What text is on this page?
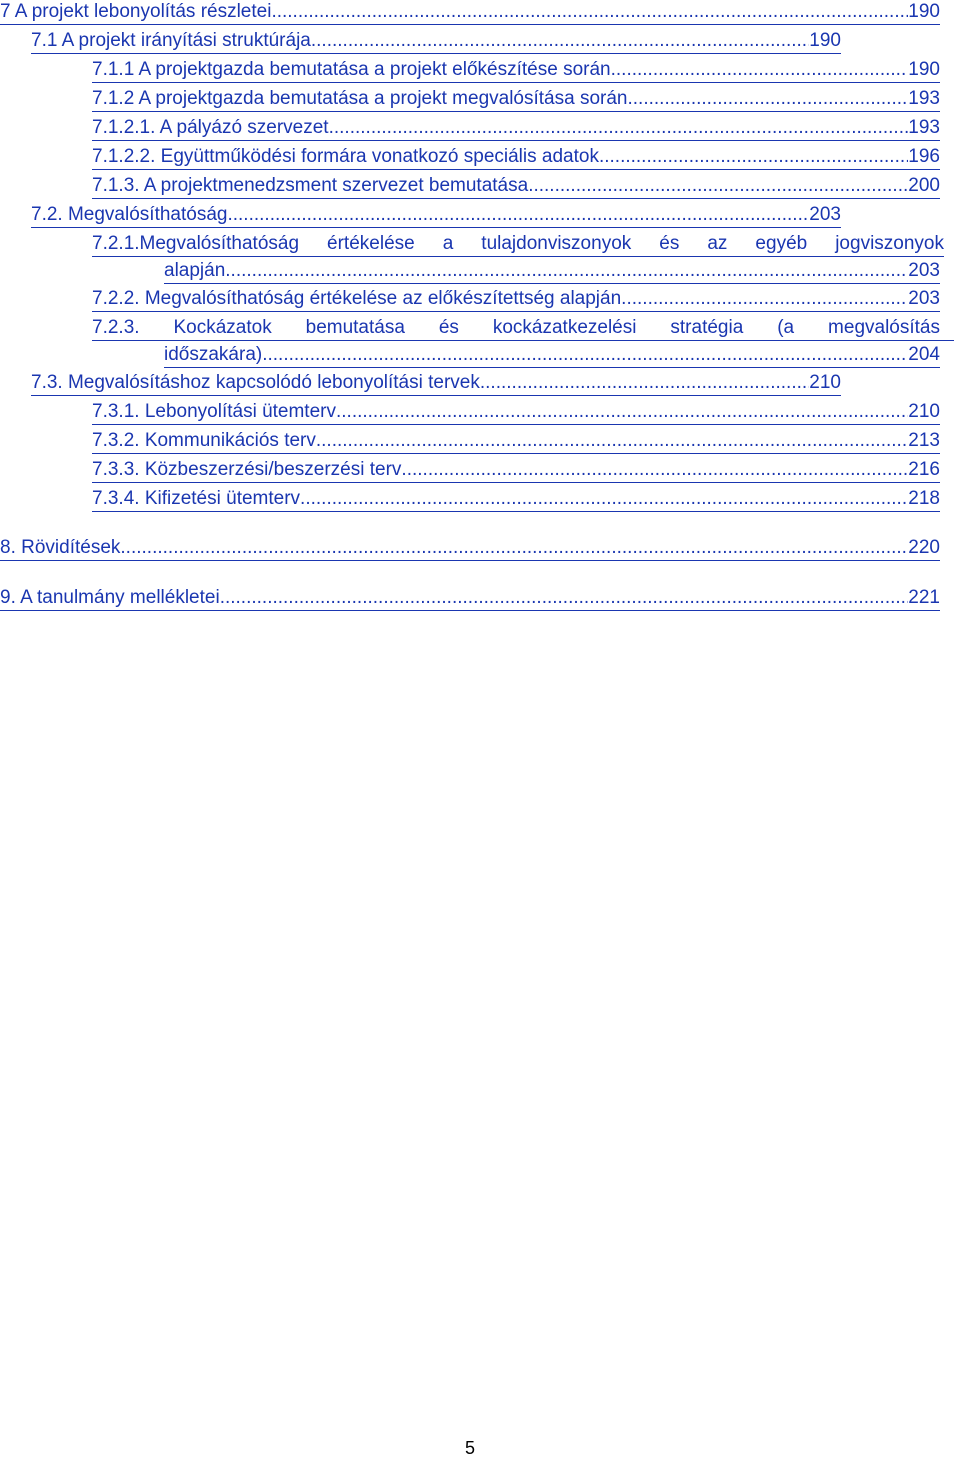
7 A projekt lebonyolítás részletei .....	190
7.1 A projekt irányítási struktúrája .....	190
7.1.1 A projektgazda bemutatása a projekt előkészítése során .....	190
7.1.2 A projektgazda bemutatása a projekt megvalósítása során .....	193
7.1.2.1. A pályázó szervezet .....	193
7.1.2.2. Együttműködési formára vonatkozó speciális adatok .....	196
7.1.3. A projektmenedzsment szervezet bemutatása .....	200
7.2. Megvalósíthatóság .....	203
7.2.1.Megvalósíthatóság értékelése a tulajdonviszonyok és az egyéb jogviszonyok
alapján .....	203
7.2.2. Megvalósíthatóság értékelése az előkészítettség alapján .....	203
7.2.3. Kockázatok bemutatása és kockázatkezelési stratégia (a megvalósítás
időszakára) .....	204
7.3. Megvalósításhoz kapcsolódó lebonyolítási tervek .....	210
7.3.1. Lebonyolítási ütemterv .....	210
7.3.2. Kommunikációs terv .....	213
7.3.3. Közbeszerzési/beszerzési terv .....	216
7.3.4. Kifizetési ütemterv .....	218
8. Rövidítések .....	220
9. A tanulmány mellékletei .....	221
5
